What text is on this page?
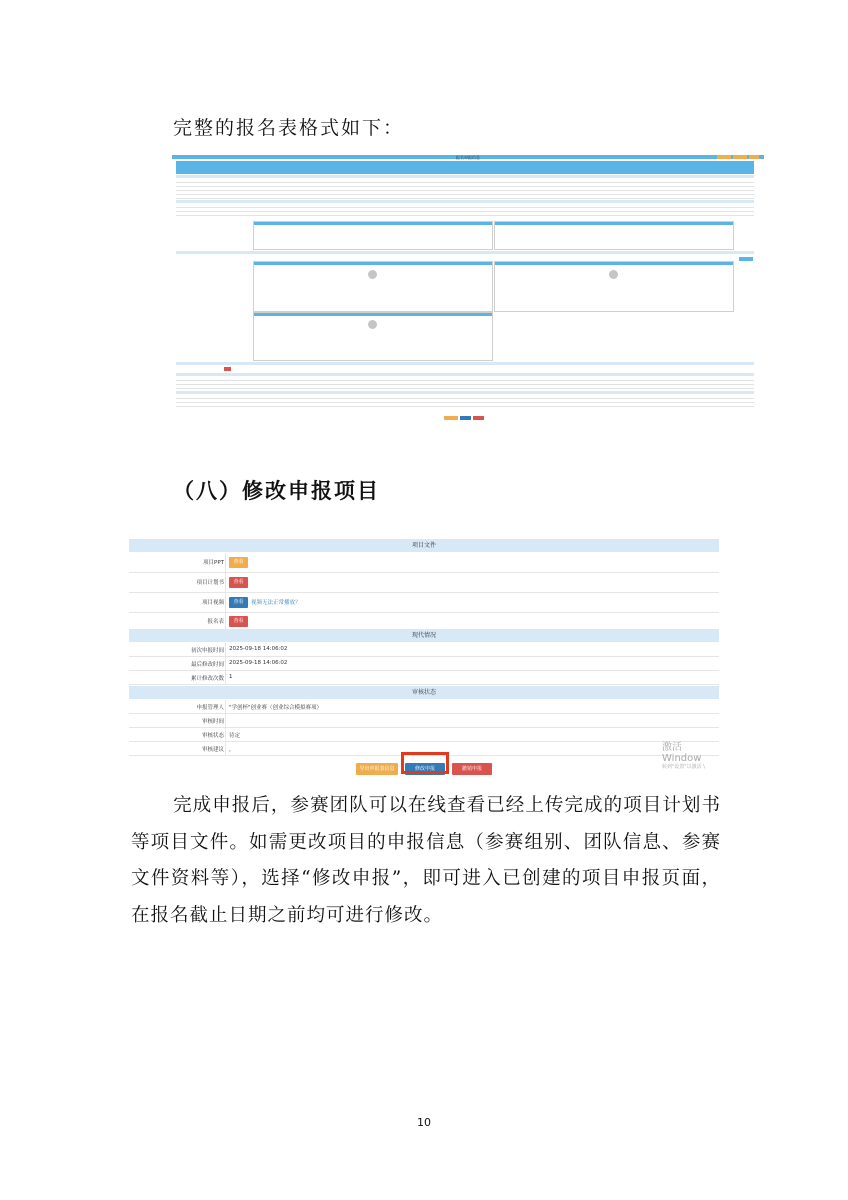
完整的报名表格式如下：
报名申报信息
（八）修改申报项目
项目文件
项目PPT	查看
项目计划书	查看
项目视频	查看	视频无法正常播放？
报名表	查看
现代情况
初次申报时间 2025-09-18 14:06:02
最后修改时间 2025-09-18 14:06:02
累计修改次数 1
审核状态
申报管理人 "学创杯"创业赛（创业综合模拟赛项）
审核时间
审核状态 待定
审核建议 ，	激活 Window
转到"设置"以激活 \
导出申报表信息	修改申报	撤销申报
完成申报后，参赛团队可以在线查看已经上传完成的项目计划书等项目文件。如需更改项目的申报信息（参赛组别、团队信息、参赛文件资料等），选择“修改申报”，即可进入已创建的项目申报页面，在报名截止日期之前均可进行修改。
10
